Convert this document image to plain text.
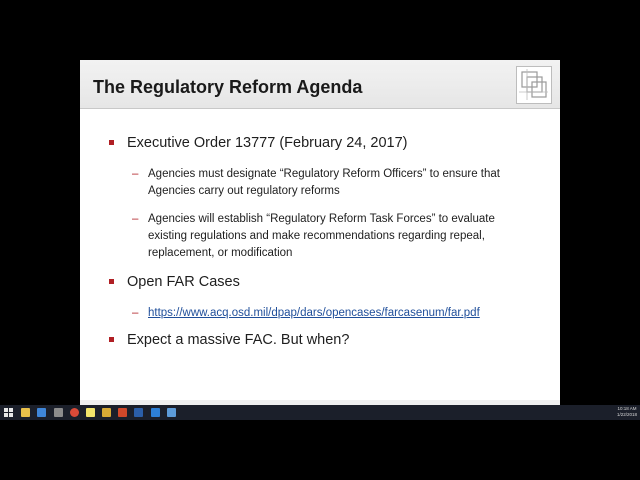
The Regulatory Reform Agenda
Executive Order 13777 (February 24, 2017)
– Agencies must designate “Regulatory Reform Officers” to ensure that
Agencies carry out regulatory reforms
– Agencies will establish “Regulatory Reform Task Forces” to evaluate
existing regulations and make recommendations regarding repeal,
replacement, or modification
Open FAR Cases
– https://www.acq.osd.mil/dpap/dars/opencases/farcasenum/far.pdf
Expect a massive FAC. But when?
10:18 AM
1/22/2018
